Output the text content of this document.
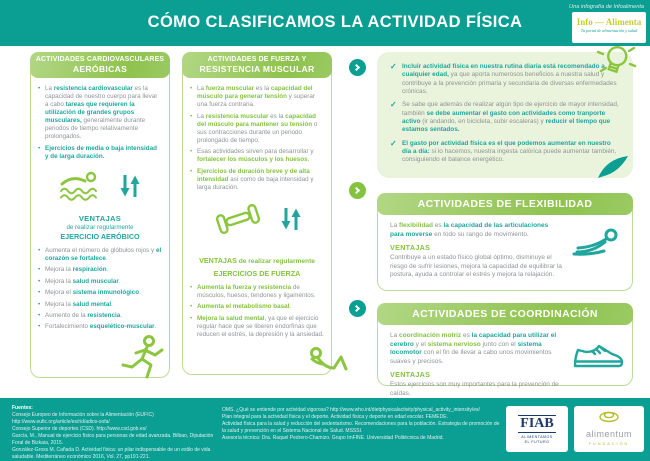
CÓMO CLASIFICAMOS LA ACTIVIDAD FÍSICA
Una infografía de Infoalimenta
Info — Alimenta
Tu portal de alimentación y salud
ACTIVIDADES CARDIOVASCULARES
AERÓBICAS
• La resistencia cardiovascular es la capacidad de nuestro cuerpo para llevar a cabo tareas que requieren la utilización de grandes grupos musculares, generalmente durante periodos de tiempo relativamente prolongados.
• Ejercicios de media o baja intensidad y de larga duración.
VENTAJAS
de realizar regularmente
EJERCICIO AERÓBICO
• Aumenta el número de glóbulos rojos y el corazón se fortalece.
• Mejora la respiración.
• Mejora la salud muscular.
• Mejora el sistema inmunológico.
• Mejora la salud mental.
• Aumento de la resistencia.
• Fortalecimiento esquelético-muscular.
ACTIVIDADES DE FUERZA Y
RESISTENCIA MUSCULAR
• La fuerza muscular es la capacidad del músculo para generar tensión y superar una fuerza contraria.
• La resistencia muscular es la capacidad del músculo para mantener su tensión o sus contracciones durante un periodo prolongado de tiempo.
• Esas actividades sirven para desarrollar y fortalecer los músculos y los huesos.
• Ejercicios de duración breve y de alta intensidad así como de baja intensidad y larga duración.
VENTAJAS de realizar regularmente
EJERCICIOS DE FUERZA
• Aumenta la fuerza y resistencia de músculos, huesos, tendones y ligamentos.
• Aumenta el metabolismo basal.
• Mejora la salud mental, ya que el ejercicio regular hace que se liberen endorfinas que reducen el estrés, la depresión y la ansiedad.
✓ Incluir actividad física en nuestra rutina diaria está recomendado a cualquier edad, ya que aporta numerosos beneficios a nuestra salud y contribuye a la prevención primaria y secundaria de diversas enfermedades crónicas.
✓ Se sabe que además de realizar algún tipo de ejercicio de mayor intensidad, también se debe aumentar el gasto con actividades como tranporte activo (ir andando, en bicicleta, subir escaleras) y reducir el tiempo que estamos sentados.
✓ El gasto por actividad física es el que podemos aumentar en nuestro día a día: si lo hacemos, nuestra ingesta calórica puede aumentar también, consiguiendo el balance energético.
ACTIVIDADES DE FLEXIBILIDAD
La flexibilidad es la capacidad de las articulaciones para moverse en todo su rango de movimiento.
VENTAJAS
Contribuye a un estado físico global óptimo, disminuye el riesgo de sufrir lesiones, mejora la capacidad de equilibrar la postura, ayuda a controlar el estrés y mejora la relajación.
ACTIVIDADES DE COORDINACIÓN
La coordinación motriz es la capacidad para utilizar el cerebro y el sistema nervioso junto con el sistema locomotor con el fin de llevar a cabo unos movimientos suaves y precisos.
VENTAJAS
Estos ejercicios son muy importantes para la prevención de caídas.
Fuentes:
Consejo Europeo de Información sobre la Alimentación (EUFIC) http://www.eufic.org/article/es/rid/adios-sofa/
Consejo Superior de deportes (CSD). http://www.csd.gob.es/
García, M., Manual de ejercicio físico para personas de edad avanzada. Bilbao, Diputación Foral de Bizkaia, 2015.
González-Gross M, Cañada D. Actividad física: un pilar indispensable de un estilo de vida saludable. Mediterráneo económico 2016, Vol. 27, pp191-221.
OMS. ¿Qué se entiende por actividad vigorosa? http://www.who.int/dietphysicalactivity/physical_activity_intensity/es/
Plan integral para la actividad física y el deporte. Actividad física y deporte en edad escolar. FEMEDE.
Actividad física para la salud y reducción del sedentarismo. Recomendaciones para la población. Estrategia de promoción de la salud y prevención en el Sistema Nacional de Salud. MSSSI.
Asesoría técnica: Dra. Raquel Pedrero-Chamizo. Grupo ImFINE. Universidad Politécnica de Madrid.
FIAB
ALIMENTAMOS
EL FUTURO
alimentum
FUNDACIÓN
